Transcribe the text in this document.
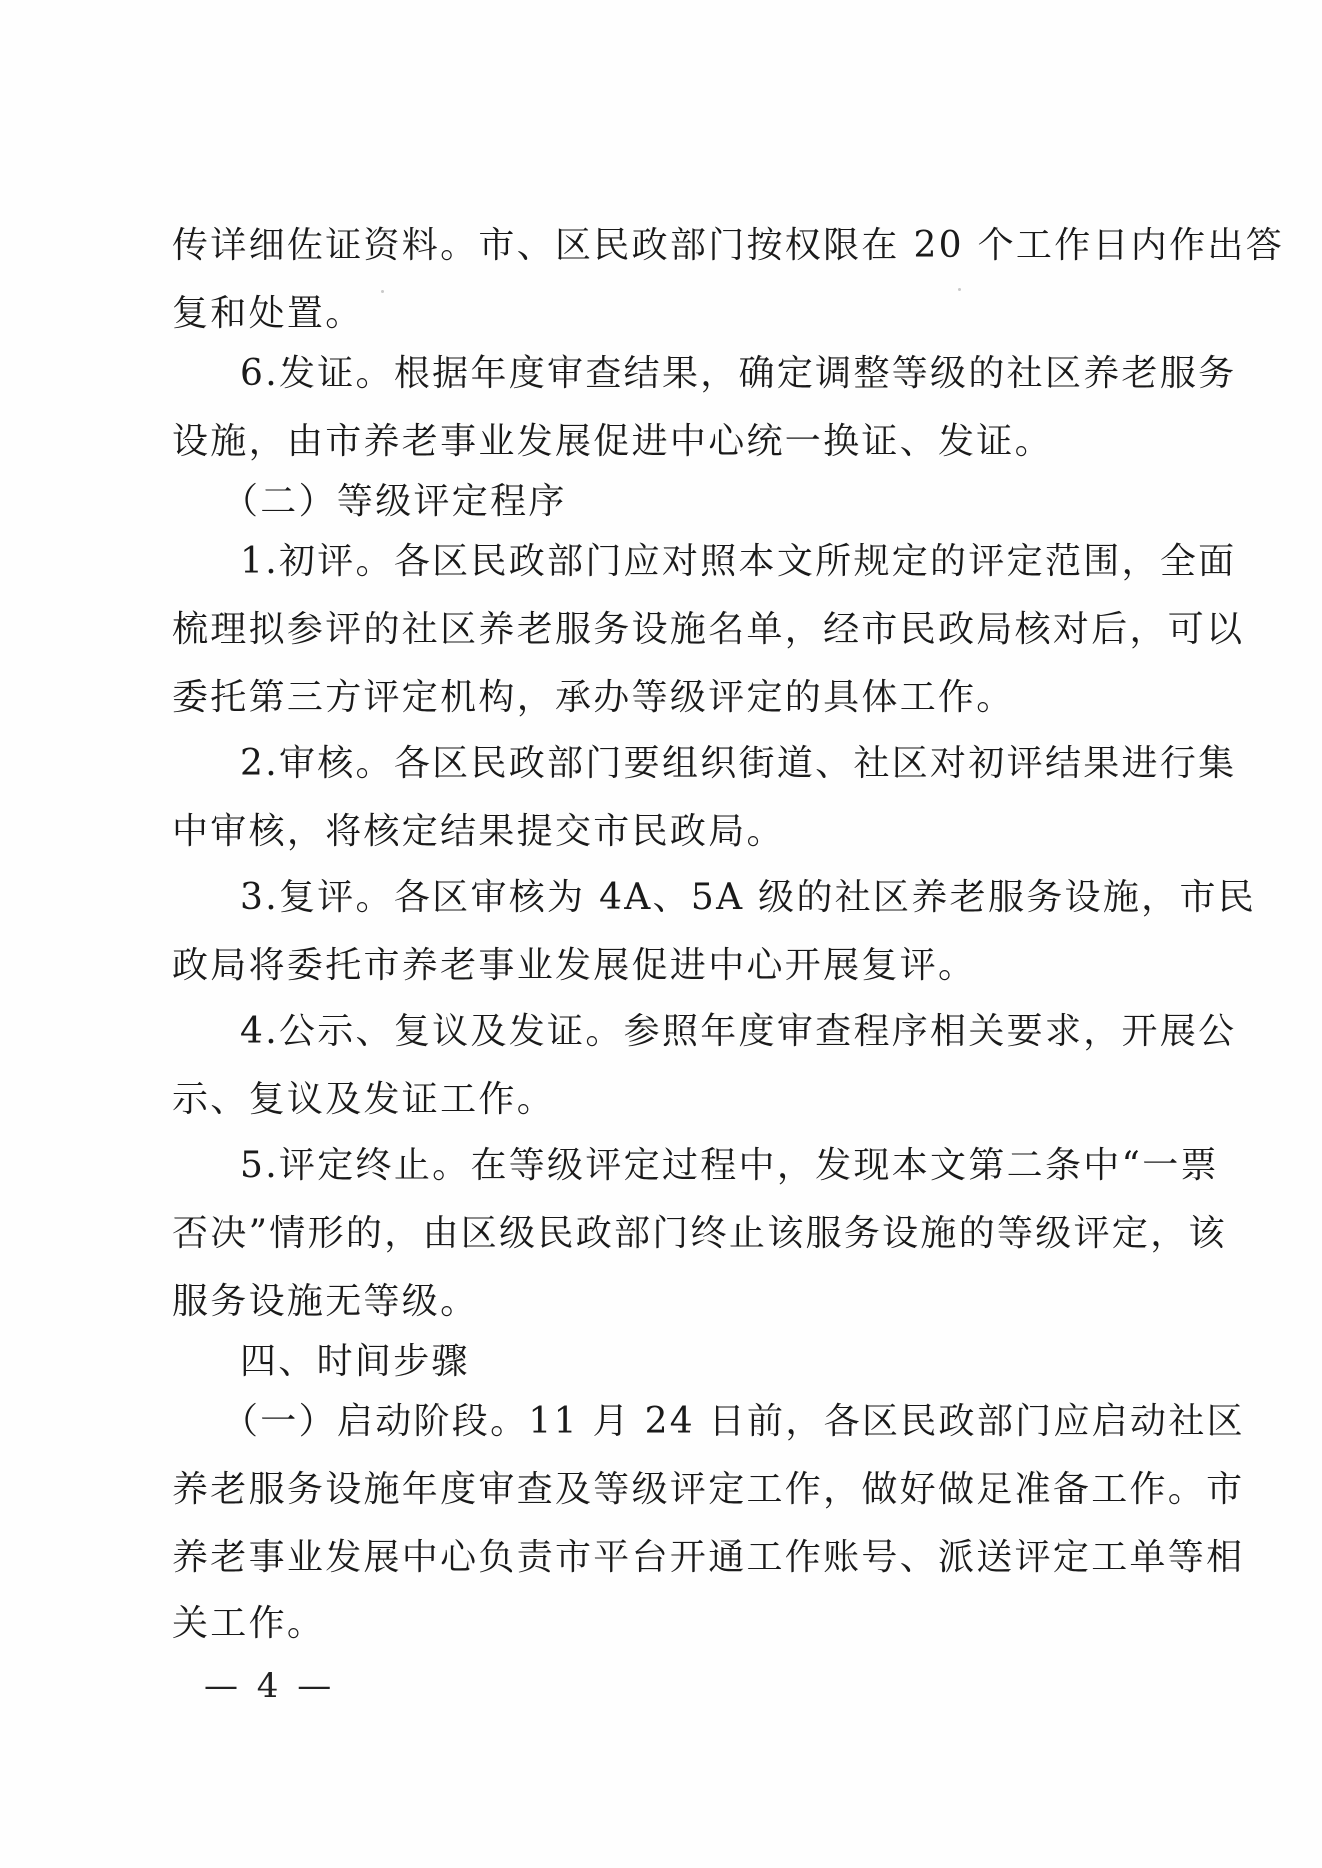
传详细佐证资料。市、区民政部门按权限在 20 个工作日内作出答
复和处置。
6.发证。根据年度审查结果，确定调整等级的社区养老服务
设施，由市养老事业发展促进中心统一换证、发证。
（二）等级评定程序
1.初评。各区民政部门应对照本文所规定的评定范围，全面
梳理拟参评的社区养老服务设施名单，经市民政局核对后，可以
委托第三方评定机构，承办等级评定的具体工作。
2.审核。各区民政部门要组织街道、社区对初评结果进行集
中审核，将核定结果提交市民政局。
3.复评。各区审核为 4A、5A 级的社区养老服务设施，市民
政局将委托市养老事业发展促进中心开展复评。
4.公示、复议及发证。参照年度审查程序相关要求，开展公
示、复议及发证工作。
5.评定终止。在等级评定过程中，发现本文第二条中“一票
否决”情形的，由区级民政部门终止该服务设施的等级评定，该
服务设施无等级。
四、时间步骤
（一）启动阶段。11 月 24 日前，各区民政部门应启动社区
养老服务设施年度审查及等级评定工作，做好做足准备工作。市
养老事业发展中心负责市平台开通工作账号、派送评定工单等相
关工作。
— 4 —
